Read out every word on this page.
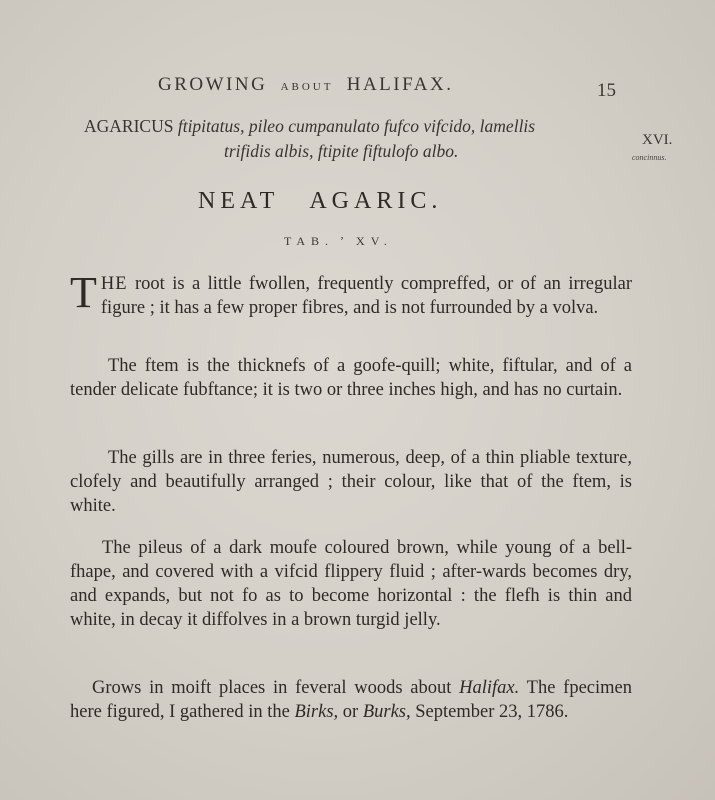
GROWING ABOUT HALIFAX.	15
AGARICUS ftipitatus, pileo cumpanulato fufco vifcido, lamellis
trifidis albis, ftipite fiftulofo albo.
XVI.
concinnus.
NEAT AGARIC.
TAB. ʼ XV.
THE root is a little fwollen, frequently compreffed, or of an irregular figure ; it has a few proper fibres, and is not furrounded by a volva.
The ftem is the thicknefs of a goofe-quill; white, fiftular, and of a tender delicate fubftance; it is two or three inches high, and has no curtain.
The gills are in three feries, numerous, deep, of a thin pliable texture, clofely and beautifully arranged ; their colour, like that of the ftem, is white.
The pileus of a dark moufe coloured brown, while young of a bell-fhape, and covered with a vifcid flippery fluid ; after-wards becomes dry, and expands, but not fo as to become horizontal : the flefh is thin and white, in decay it diffolves in a brown turgid jelly.
Grows in moift places in feveral woods about Halifax. The fpecimen here figured, I gathered in the Birks, or Burks, September 23, 1786.
